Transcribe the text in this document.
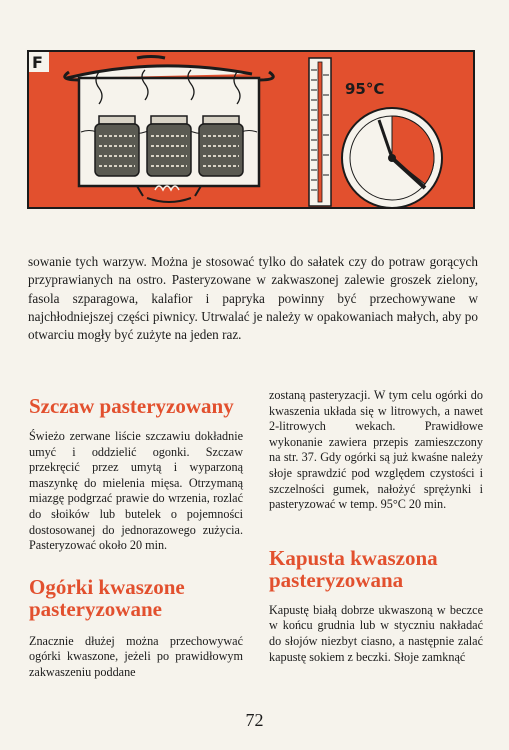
F
95°C

sowanie tych warzyw. Można je stosować tylko do sałatek czy do potraw gorących przyprawianych na ostro. Pasteryzowane w zakwaszonej zalewie groszek zielony, fasola szparagowa, kalafior i papryka powinny być przechowywane w najchłodniejszej części piwnicy. Utrwalać je należy w opakowaniach małych, aby po otwarciu mogły być zużyte na jeden raz.

Szczaw pasteryzowany

Świeżo zerwane liście szczawiu dokładnie umyć i oddzielić ogonki. Szczaw przekręcić przez umytą i wyparzoną maszynkę do mielenia mięsa. Otrzymaną miazgę podgrzać prawie do wrzenia, rozlać do słoików lub butelek o pojemności dostosowanej do jednorazowego zużycia. Pasteryzować około 20 min.

Ogórki kwaszone pasteryzowane

Znacznie dłużej można przechowywać ogórki kwaszone, jeżeli po prawidłowym zakwaszeniu poddane

zostaną pasteryzacji. W tym celu ogórki do kwaszenia układa się w litrowych, a nawet 2-litrowych wekach. Prawidłowe wykonanie zawiera przepis zamieszczony na str. 37. Gdy ogórki są już kwaśne należy słoje sprawdzić pod względem czystości i szczelności gumek, nałożyć sprężynki i pasteryzować w temp. 95°C 20 min.

Kapusta kwaszona pasteryzowana

Kapustę białą dobrze ukwaszoną w beczce w końcu grudnia lub w styczniu nakładać do słojów niezbyt ciasno, a następnie zalać kapustę sokiem z beczki. Słoje zamknąć

72
